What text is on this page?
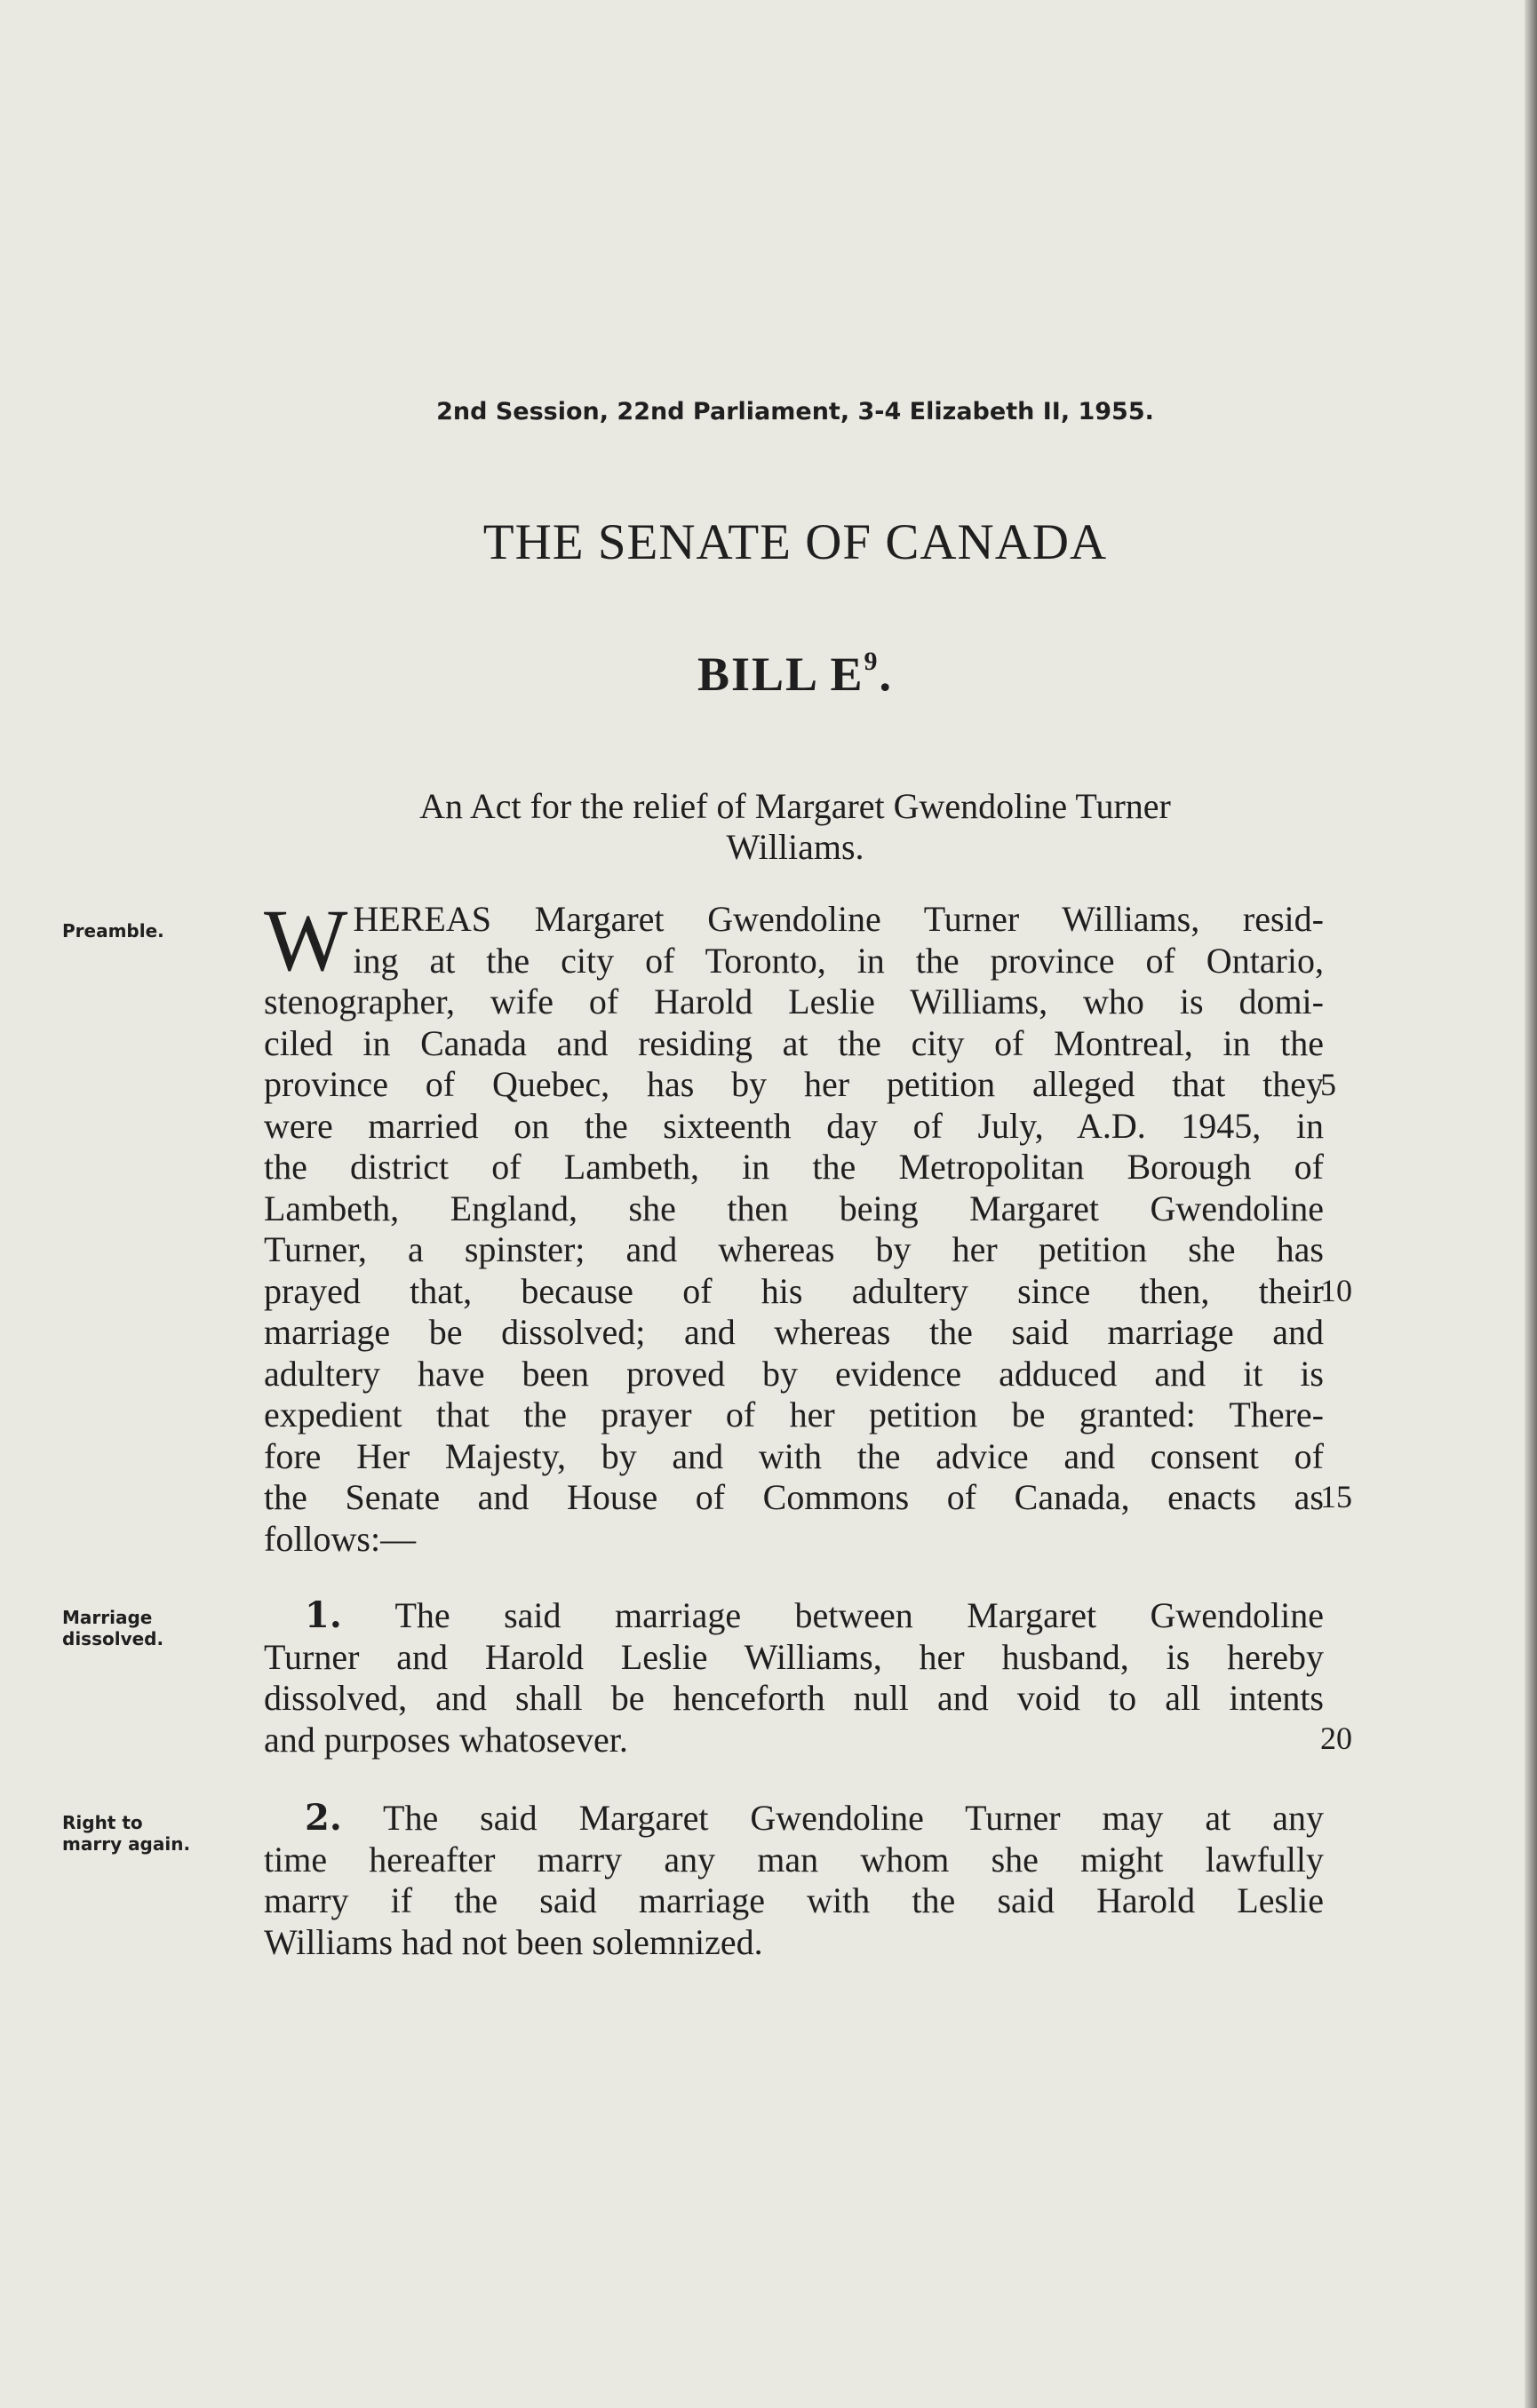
2nd Session, 22nd Parliament, 3-4 Elizabeth II, 1955.
THE SENATE OF CANADA
BILL $E^9$.
An Act for the relief of Margaret Gwendoline Turner
Williams.
Preamble.
Marriage
dissolved.
Right to
marry again.
W HEREAS Margaret Gwendoline Turner Williams, resid-
ing at the city of Toronto, in the province of Ontario,
stenographer, wife of Harold Leslie Williams, who is domi-
ciled in Canada and residing at the city of Montreal, in the
province of Quebec, has by her petition alleged that they
were married on the sixteenth day of July, A.D. 1945, in
the district of Lambeth, in the Metropolitan Borough of
Lambeth, England, she then being Margaret Gwendoline
Turner, a spinster; and whereas by her petition she has
prayed that, because of his adultery since then, their
marriage be dissolved; and whereas the said marriage and
adultery have been proved by evidence adduced and it is
expedient that the prayer of her petition be granted: There-
fore Her Majesty, by and with the advice and consent of
the Senate and House of Commons of Canada, enacts as
follows:—
1. The said marriage between Margaret Gwendoline
Turner and Harold Leslie Williams, her husband, is hereby
dissolved, and shall be henceforth null and void to all intents
and purposes whatosever.
2. The said Margaret Gwendoline Turner may at any
time hereafter marry any man whom she might lawfully
marry if the said marriage with the said Harold Leslie
Williams had not been solemnized.
5
10
15
20
